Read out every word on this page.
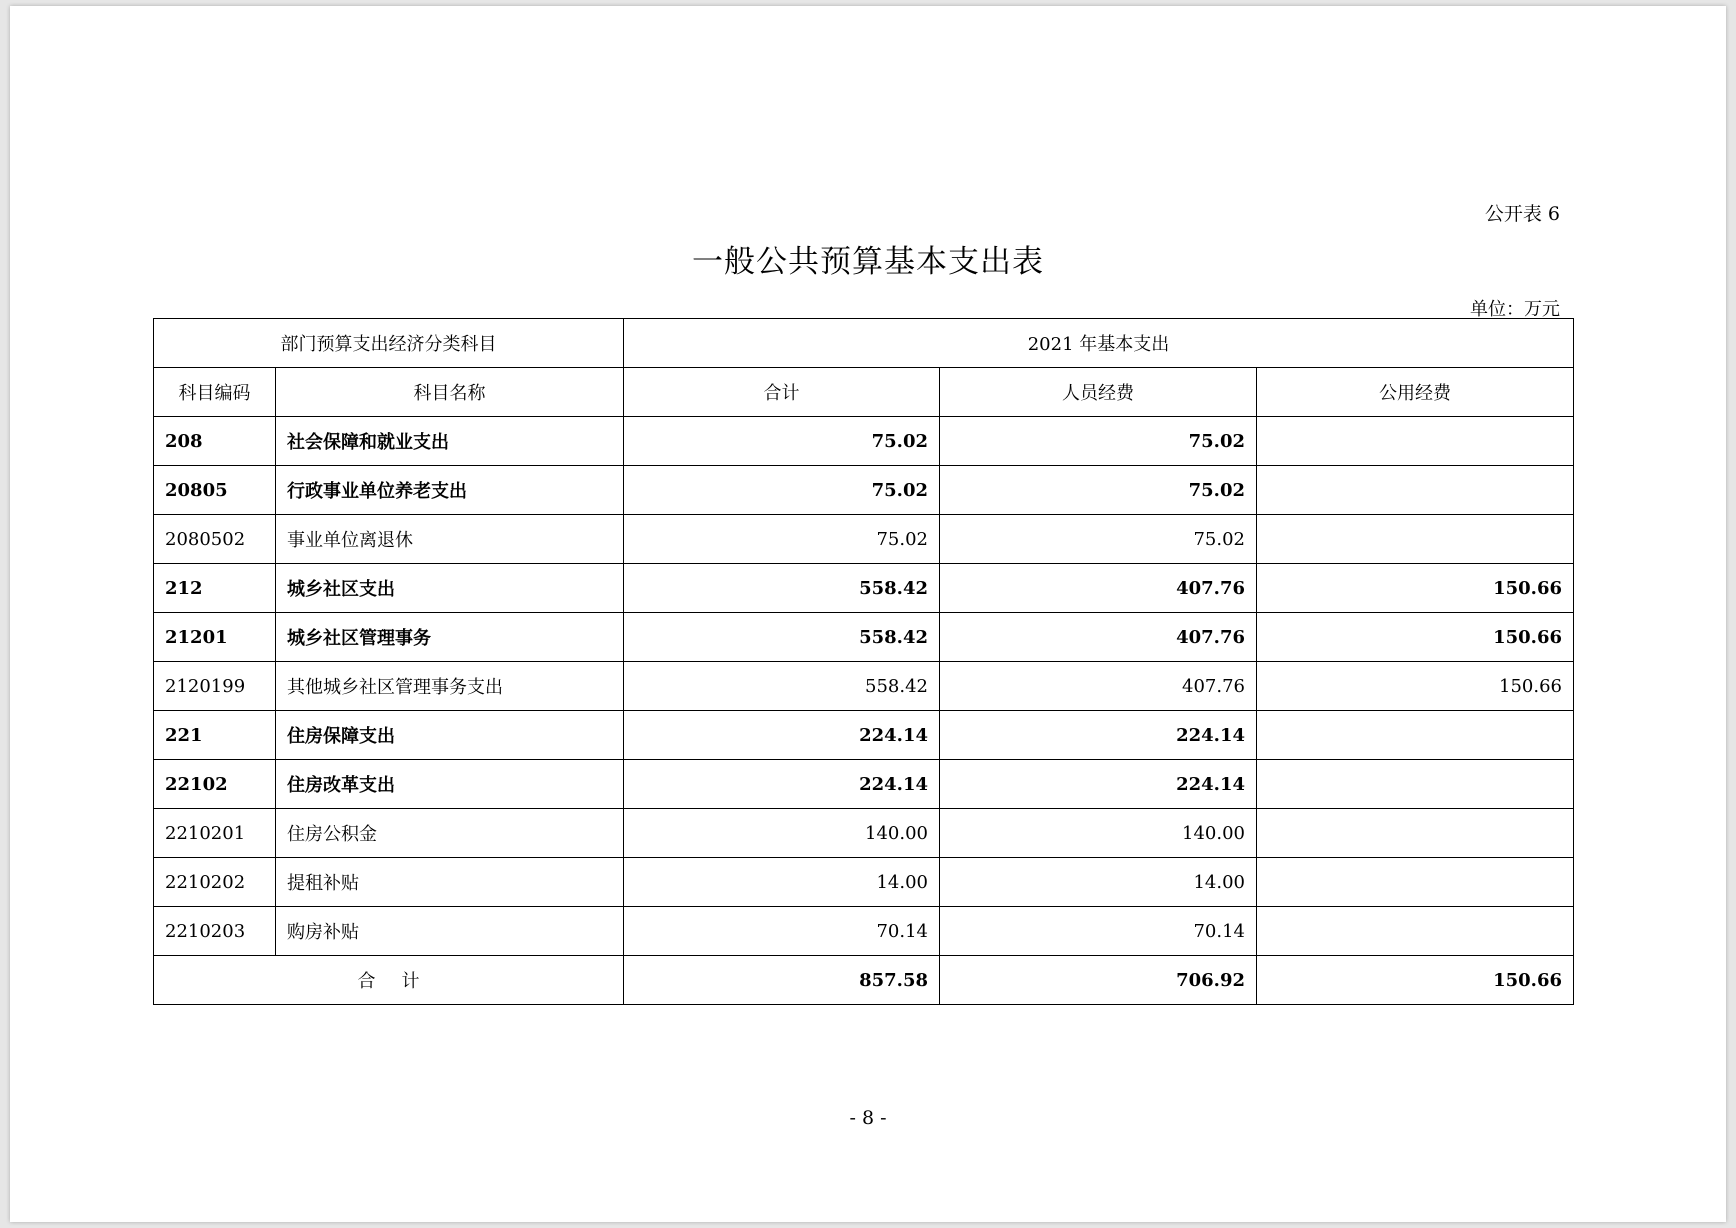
公开表 6
一般公共预算基本支出表
单位：万元
部门预算支出经济分类科目		2021 年基本支出		
科目编码	科目名称	合计	人员经费	公用经费
208	社会保障和就业支出	75.02	75.02	
20805	行政事业单位养老支出	75.02	75.02	
2080502	事业单位离退休	75.02	75.02	
212	城乡社区支出	558.42	407.76	150.66
21201	城乡社区管理事务	558.42	407.76	150.66
2120199	其他城乡社区管理事务支出	558.42	407.76	150.66
221	住房保障支出	224.14	224.14	
22102	住房改革支出	224.14	224.14	
2210201	住房公积金	140.00	140.00	
2210202	提租补贴	14.00	14.00	
2210203	购房补贴	70.14	70.14	
合计		857.58	706.92	150.66
- 8 -
